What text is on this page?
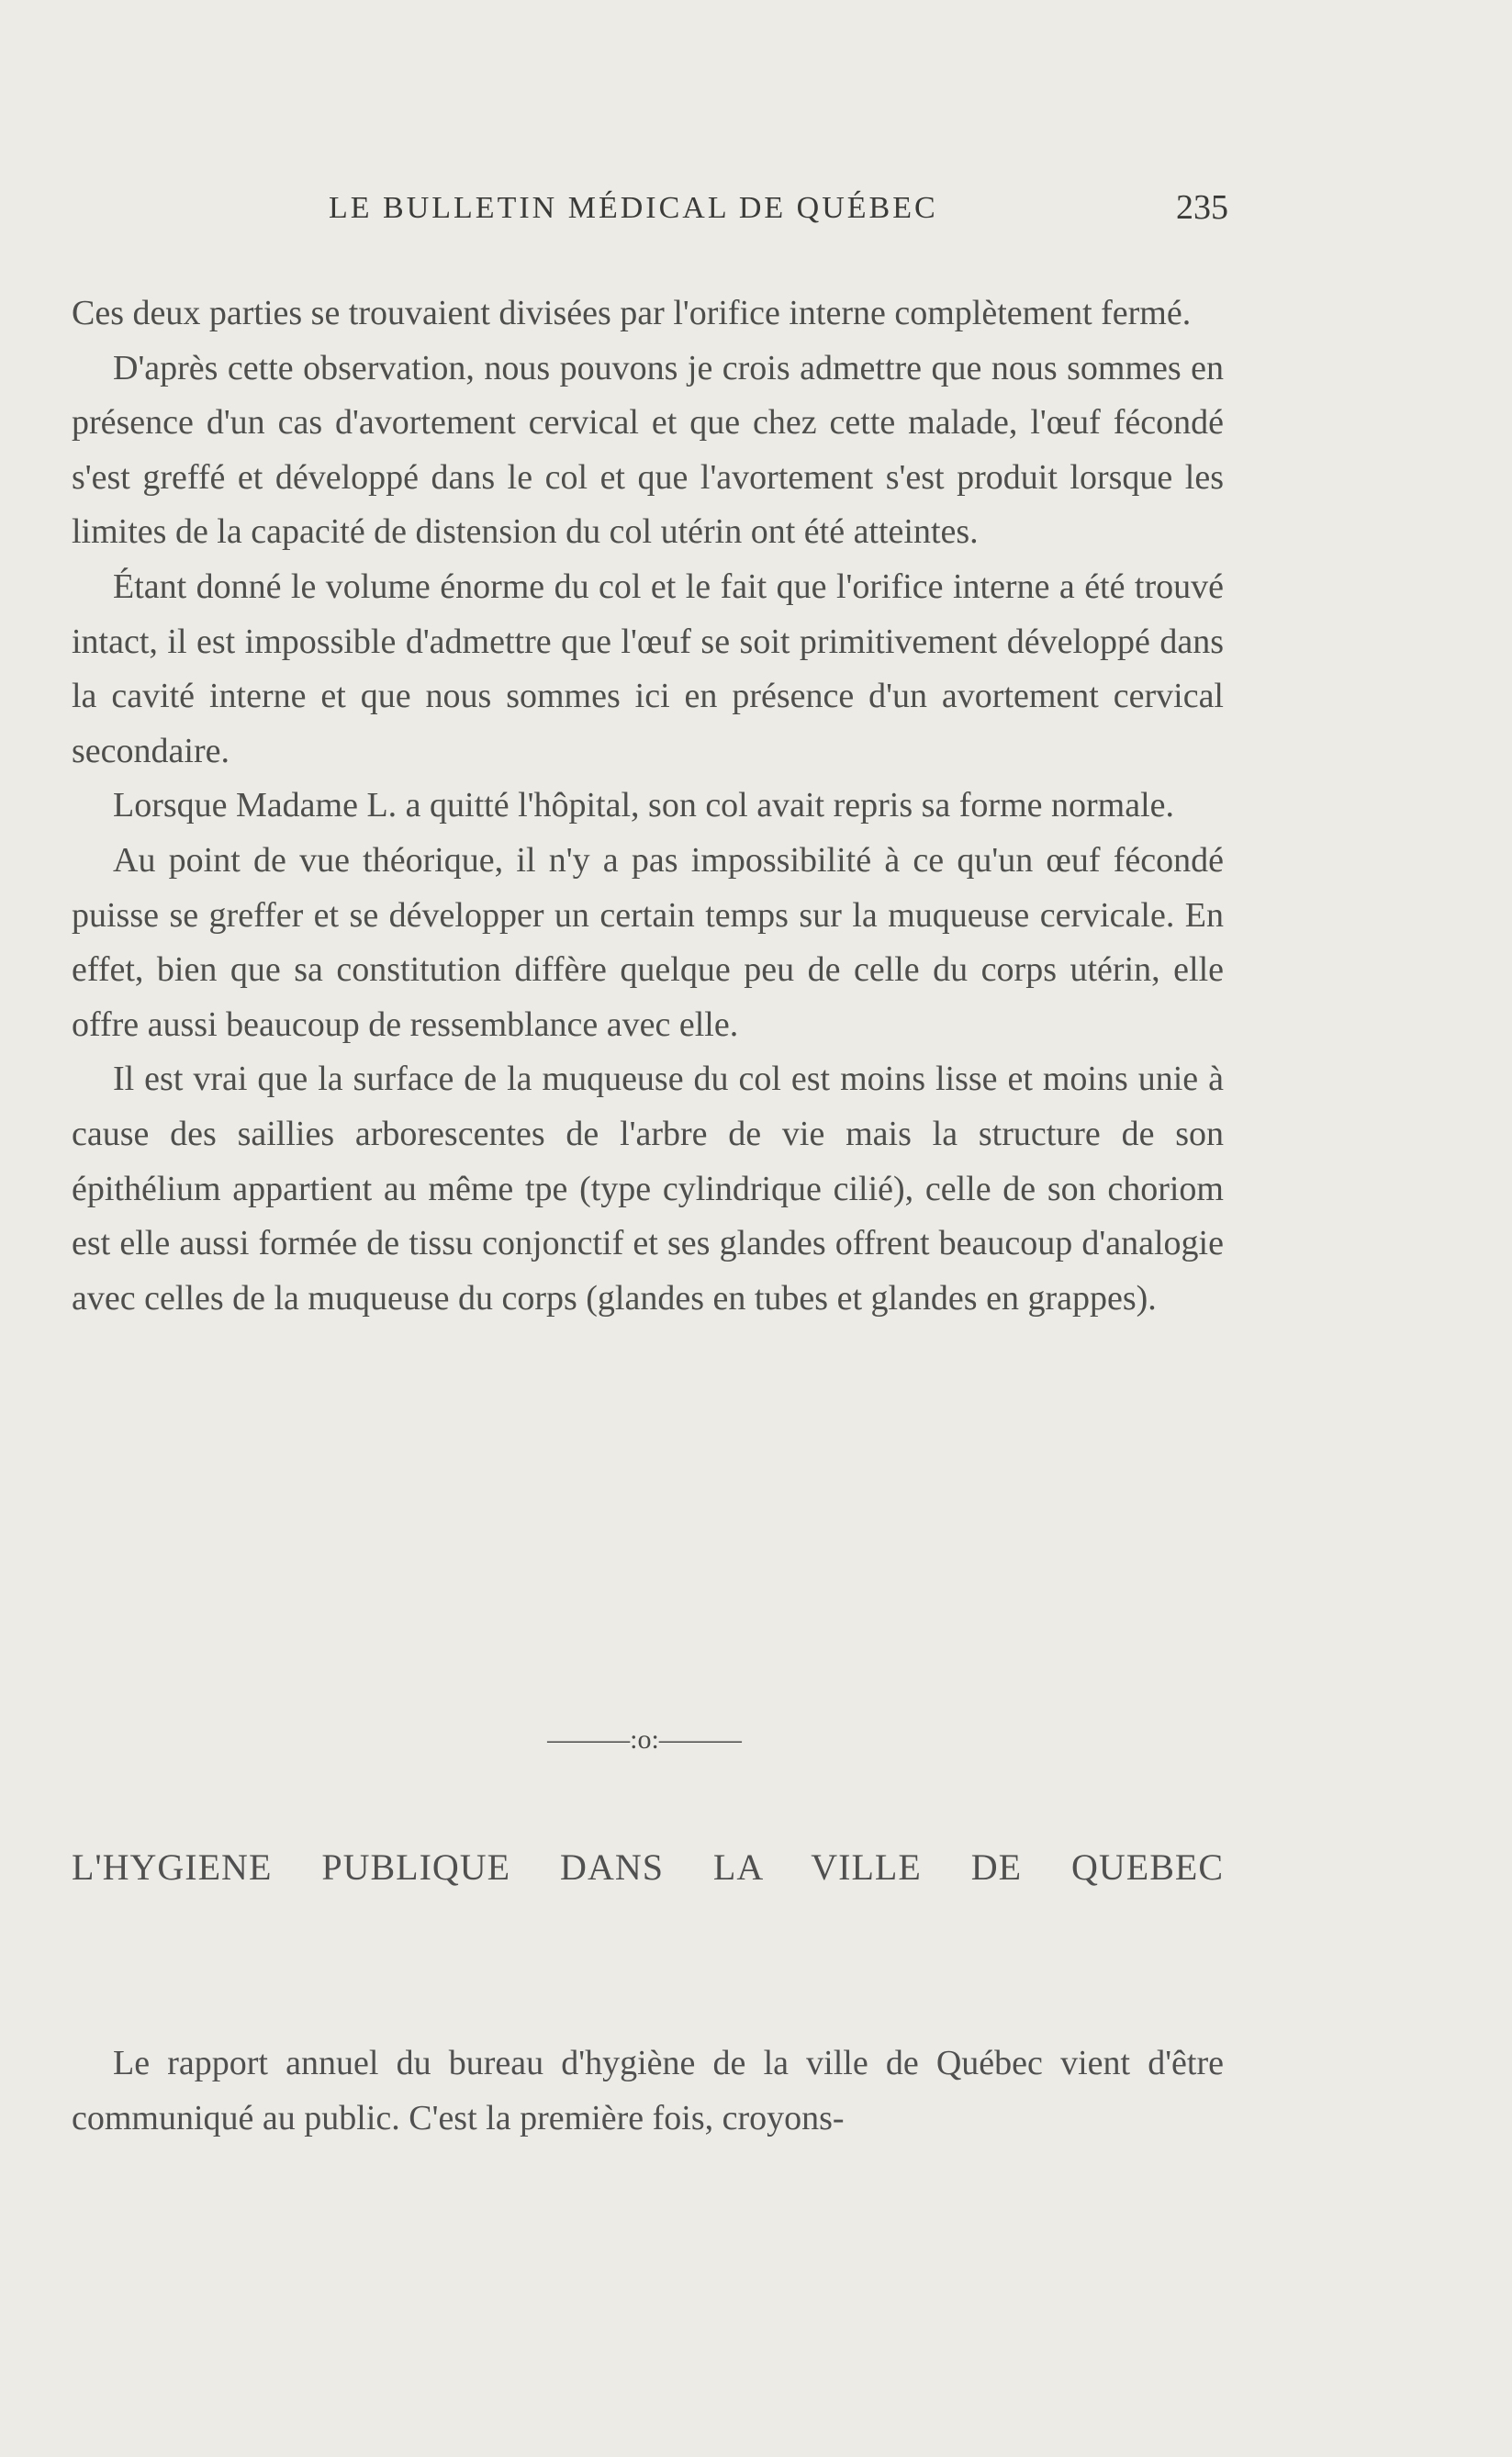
LE BULLETIN MÉDICAL DE QUÉBEC	235

Ces deux parties se trouvaient divisées par l'orifice interne complètement fermé.

D'après cette observation, nous pouvons je crois admettre que nous sommes en présence d'un cas d'avortement cervical et que chez cette malade, l'œuf fécondé s'est greffé et développé dans le col et que l'avortement s'est produit lorsque les limites de la capacité de distension du col utérin ont été atteintes.

Étant donné le volume énorme du col et le fait que l'orifice interne a été trouvé intact, il est impossible d'admettre que l'œuf se soit primitivement développé dans la cavité interne et que nous sommes ici en présence d'un avortement cervical secondaire.

Lorsque Madame L. a quitté l'hôpital, son col avait repris sa forme normale.

Au point de vue théorique, il n'y a pas impossibilité à ce qu'un œuf fécondé puisse se greffer et se développer un certain temps sur la muqueuse cervicale. En effet, bien que sa constitution diffère quelque peu de celle du corps utérin, elle offre aussi beaucoup de ressemblance avec elle.

Il est vrai que la surface de la muqueuse du col est moins lisse et moins unie à cause des saillies arborescentes de l'arbre de vie mais la structure de son épithélium appartient au même tpe (type cylindrique cilié), celle de son choriom est elle aussi formée de tissu conjonctif et ses glandes offrent beaucoup d'analogie avec celles de la muqueuse du corps (glandes en tubes et glandes en grappes).

———:o:———
L'HYGIENE PUBLIQUE DANS LA VILLE DE QUEBEC

Le rapport annuel du bureau d'hygiène de la ville de Québec vient d'être communiqué au public. C'est la première fois, croyons-
